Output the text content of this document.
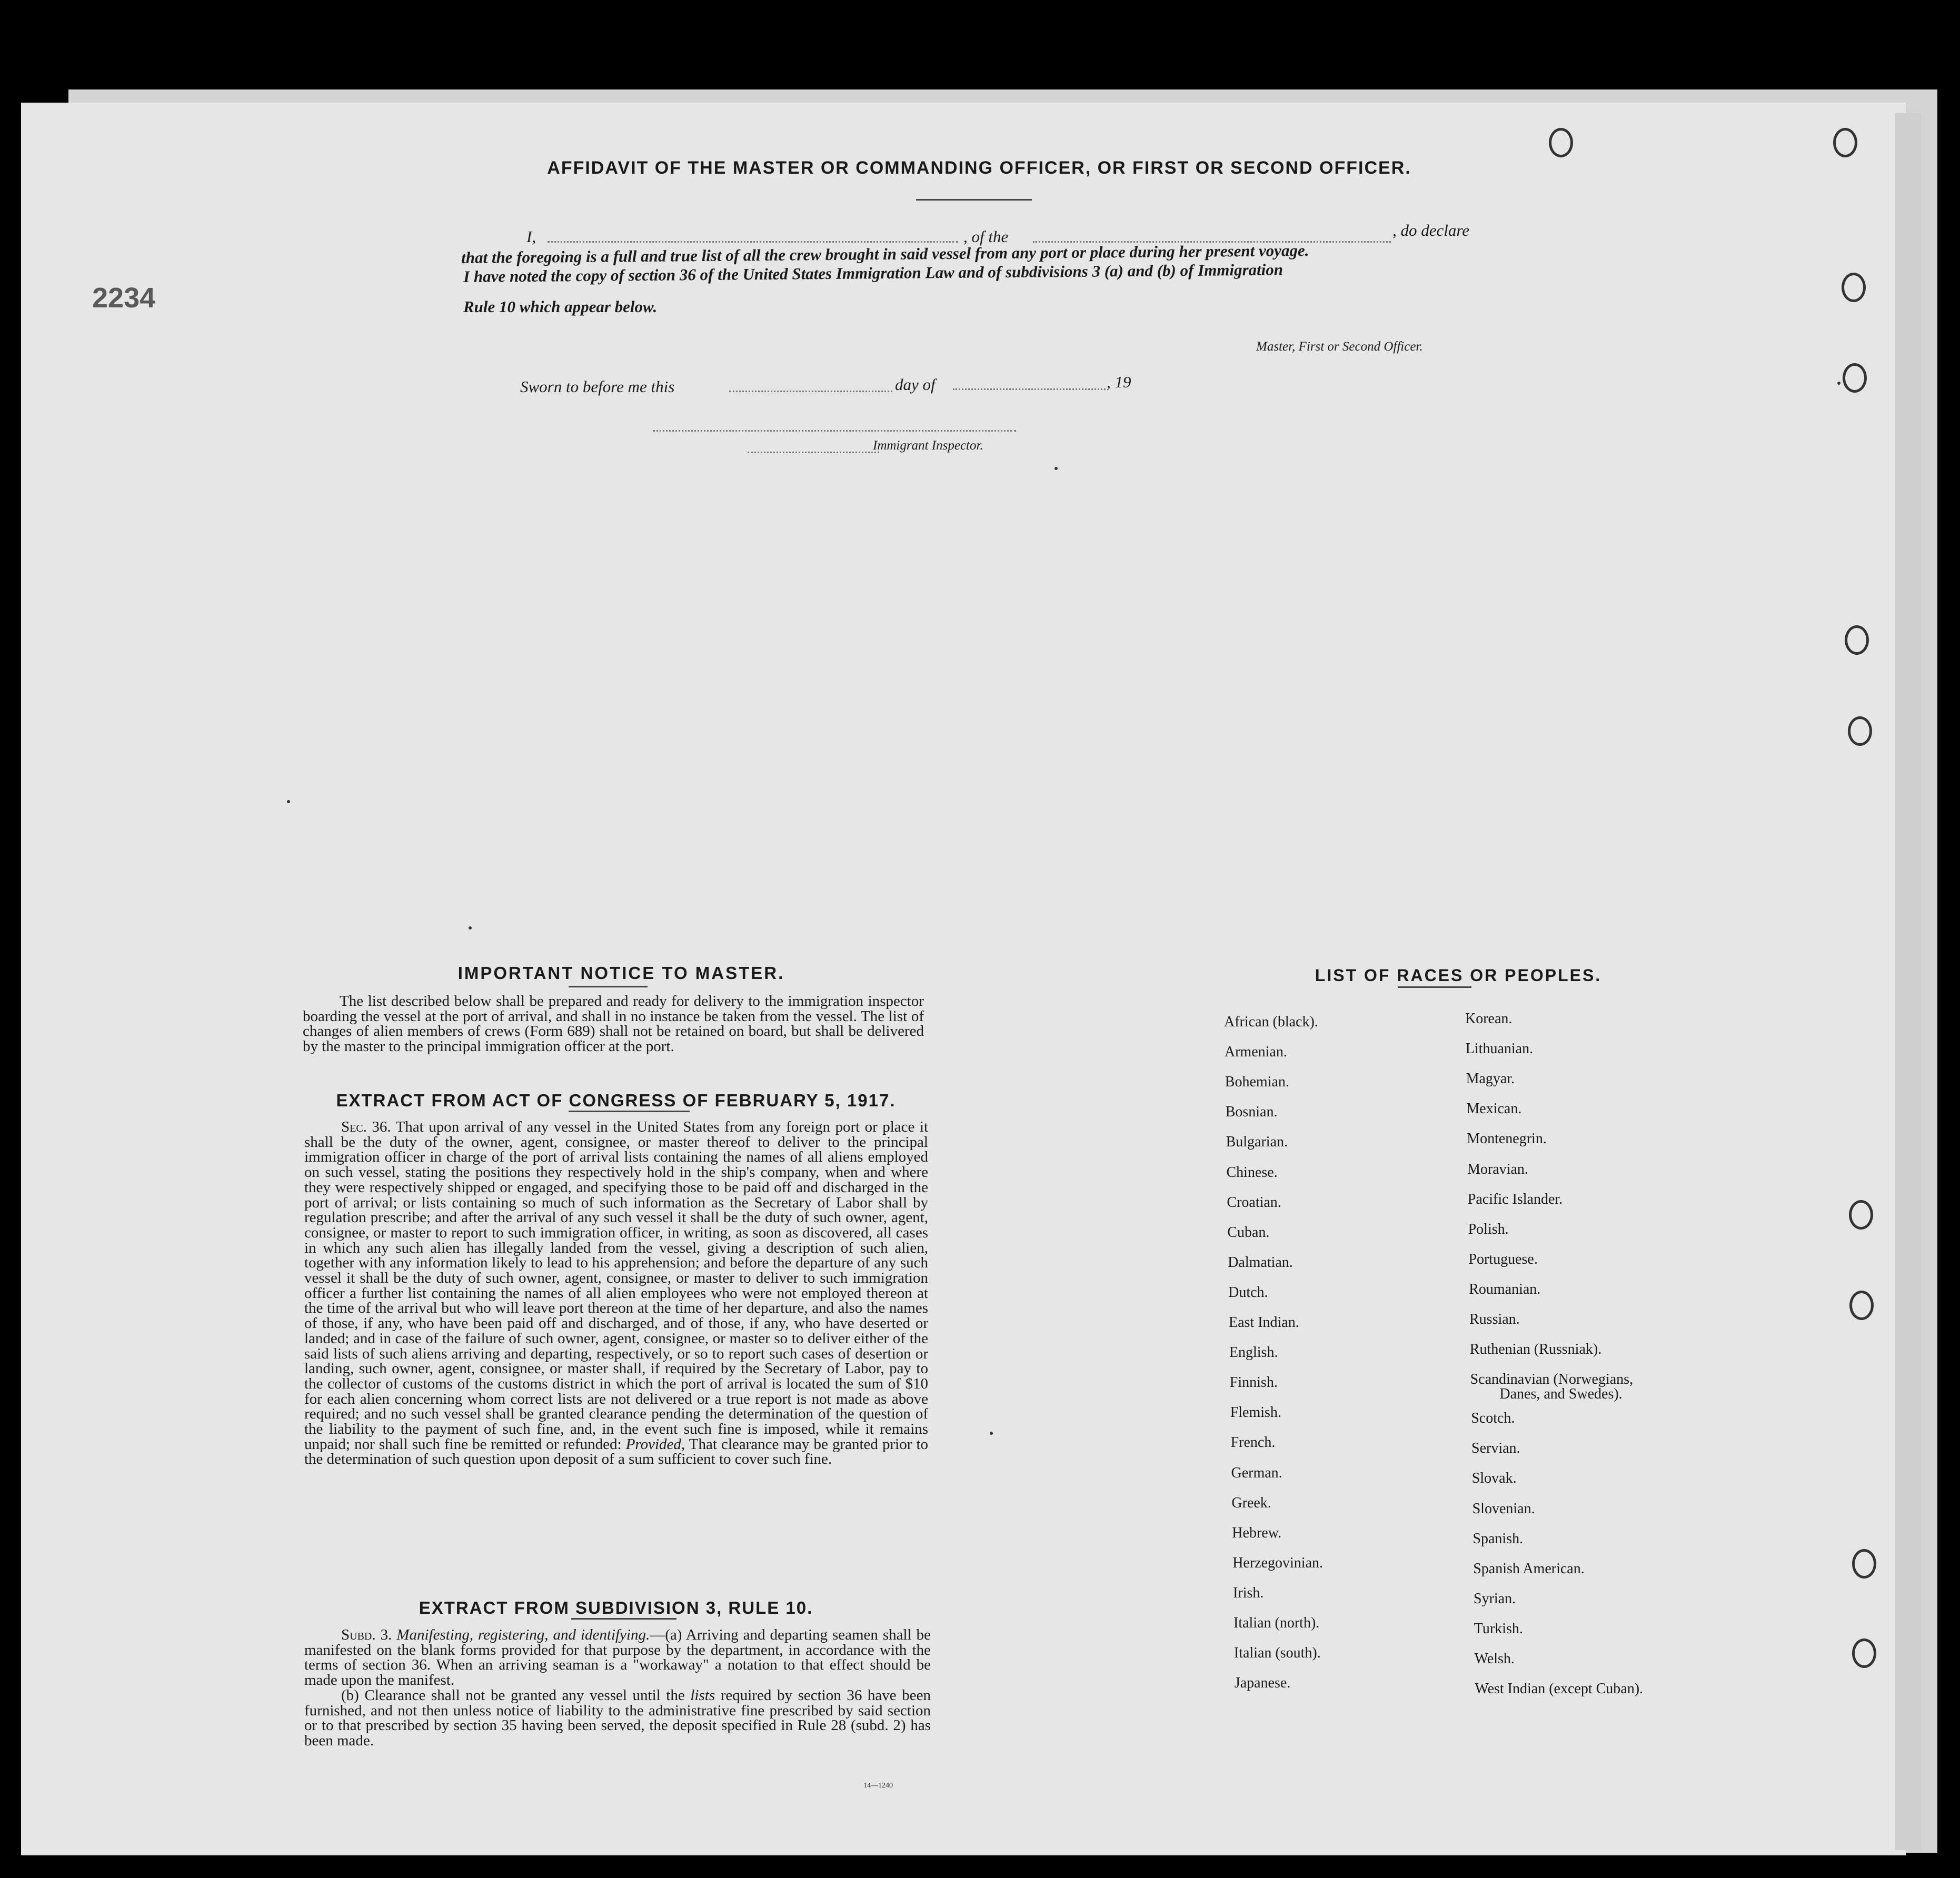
2234
AFFIDAVIT OF THE MASTER OR COMMANDING OFFICER, OR FIRST OR SECOND OFFICER.
I,	, of the	, do declare
that the foregoing is a full and true list of all the crew brought in said vessel from any port or place during her present voyage.
I have noted the copy of section 36 of the United States Immigration Law and of subdivisions 3 (a) and (b) of Immigration
Rule 10 which appear below.
Master, First or Second Officer.
Sworn to before me this	day of	, 19
Immigrant Inspector.
IMPORTANT NOTICE TO MASTER.

The list described below shall be prepared and ready for delivery to the immigration inspector boarding the vessel at the port of arrival, and shall in no instance be taken from the vessel. The list of changes of alien members of crews (Form 689) shall not be retained on board, but shall be delivered by the master to the principal immigration officer at the port.

EXTRACT FROM ACT OF CONGRESS OF FEBRUARY 5, 1917.

Sec. 36. That upon arrival of any vessel in the United States from any foreign port or place it shall be the duty of the owner, agent, consignee, or master thereof to deliver to the principal immigration officer in charge of the port of arrival lists containing the names of all aliens employed on such vessel, stating the positions they respectively hold in the ship's company, when and where they were respectively shipped or engaged, and specifying those to be paid off and discharged in the port of arrival; or lists containing so much of such information as the Secretary of Labor shall by regulation prescribe; and after the arrival of any such vessel it shall be the duty of such owner, agent, consignee, or master to report to such immigration officer, in writing, as soon as discovered, all cases in which any such alien has illegally landed from the vessel, giving a description of such alien, together with any information likely to lead to his apprehension; and before the departure of any such vessel it shall be the duty of such owner, agent, consignee, or master to deliver to such immigration officer a further list containing the names of all alien employees who were not employed thereon at the time of the arrival but who will leave port thereon at the time of her departure, and also the names of those, if any, who have been paid off and discharged, and of those, if any, who have deserted or landed; and in case of the failure of such owner, agent, consignee, or master so to deliver either of the said lists of such aliens arriving and departing, respectively, or so to report such cases of desertion or landing, such owner, agent, consignee, or master shall, if required by the Secretary of Labor, pay to the collector of customs of the customs district in which the port of arrival is located the sum of $10 for each alien concerning whom correct lists are not delivered or a true report is not made as above required; and no such vessel shall be granted clearance pending the determination of the question of the liability to the payment of such fine, and, in the event such fine is imposed, while it remains unpaid; nor shall such fine be remitted or refunded: Provided, That clearance may be granted prior to the determination of such question upon deposit of a sum sufficient to cover such fine.

EXTRACT FROM SUBDIVISION 3, RULE 10.

Subd. 3. Manifesting, registering, and identifying.—(a) Arriving and departing seamen shall be manifested on the blank forms provided for that purpose by the department, in accordance with the terms of section 36. When an arriving seaman is a "workaway" a notation to that effect should be made upon the manifest.

(b) Clearance shall not be granted any vessel until the lists required by section 36 have been furnished, and not then unless notice of liability to the administrative fine prescribed by said section or to that prescribed by section 35 having been served, the deposit specified in Rule 28 (subd. 2) has been made.

14—1240
LIST OF RACES OR PEOPLES.
African (black).
Armenian.
Bohemian.
Bosnian.
Bulgarian.
Chinese.
Croatian.
Cuban.
Dalmatian.
Dutch.
East Indian.
English.
Finnish.
Flemish.
French.
German.
Greek.
Hebrew.
Herzegovinian.
Irish.
Italian (north).
Italian (south).
Japanese.
Korean.
Lithuanian.
Magyar.
Mexican.
Montenegrin.
Moravian.
Pacific Islander.
Polish.
Portuguese.
Roumanian.
Russian.
Ruthenian (Russniak).
Scandinavian (Norwegians,
Danes, and Swedes).
Scotch.
Servian.
Slovak.
Slovenian.
Spanish.
Spanish American.
Syrian.
Turkish.
Welsh.
West Indian (except Cuban).
